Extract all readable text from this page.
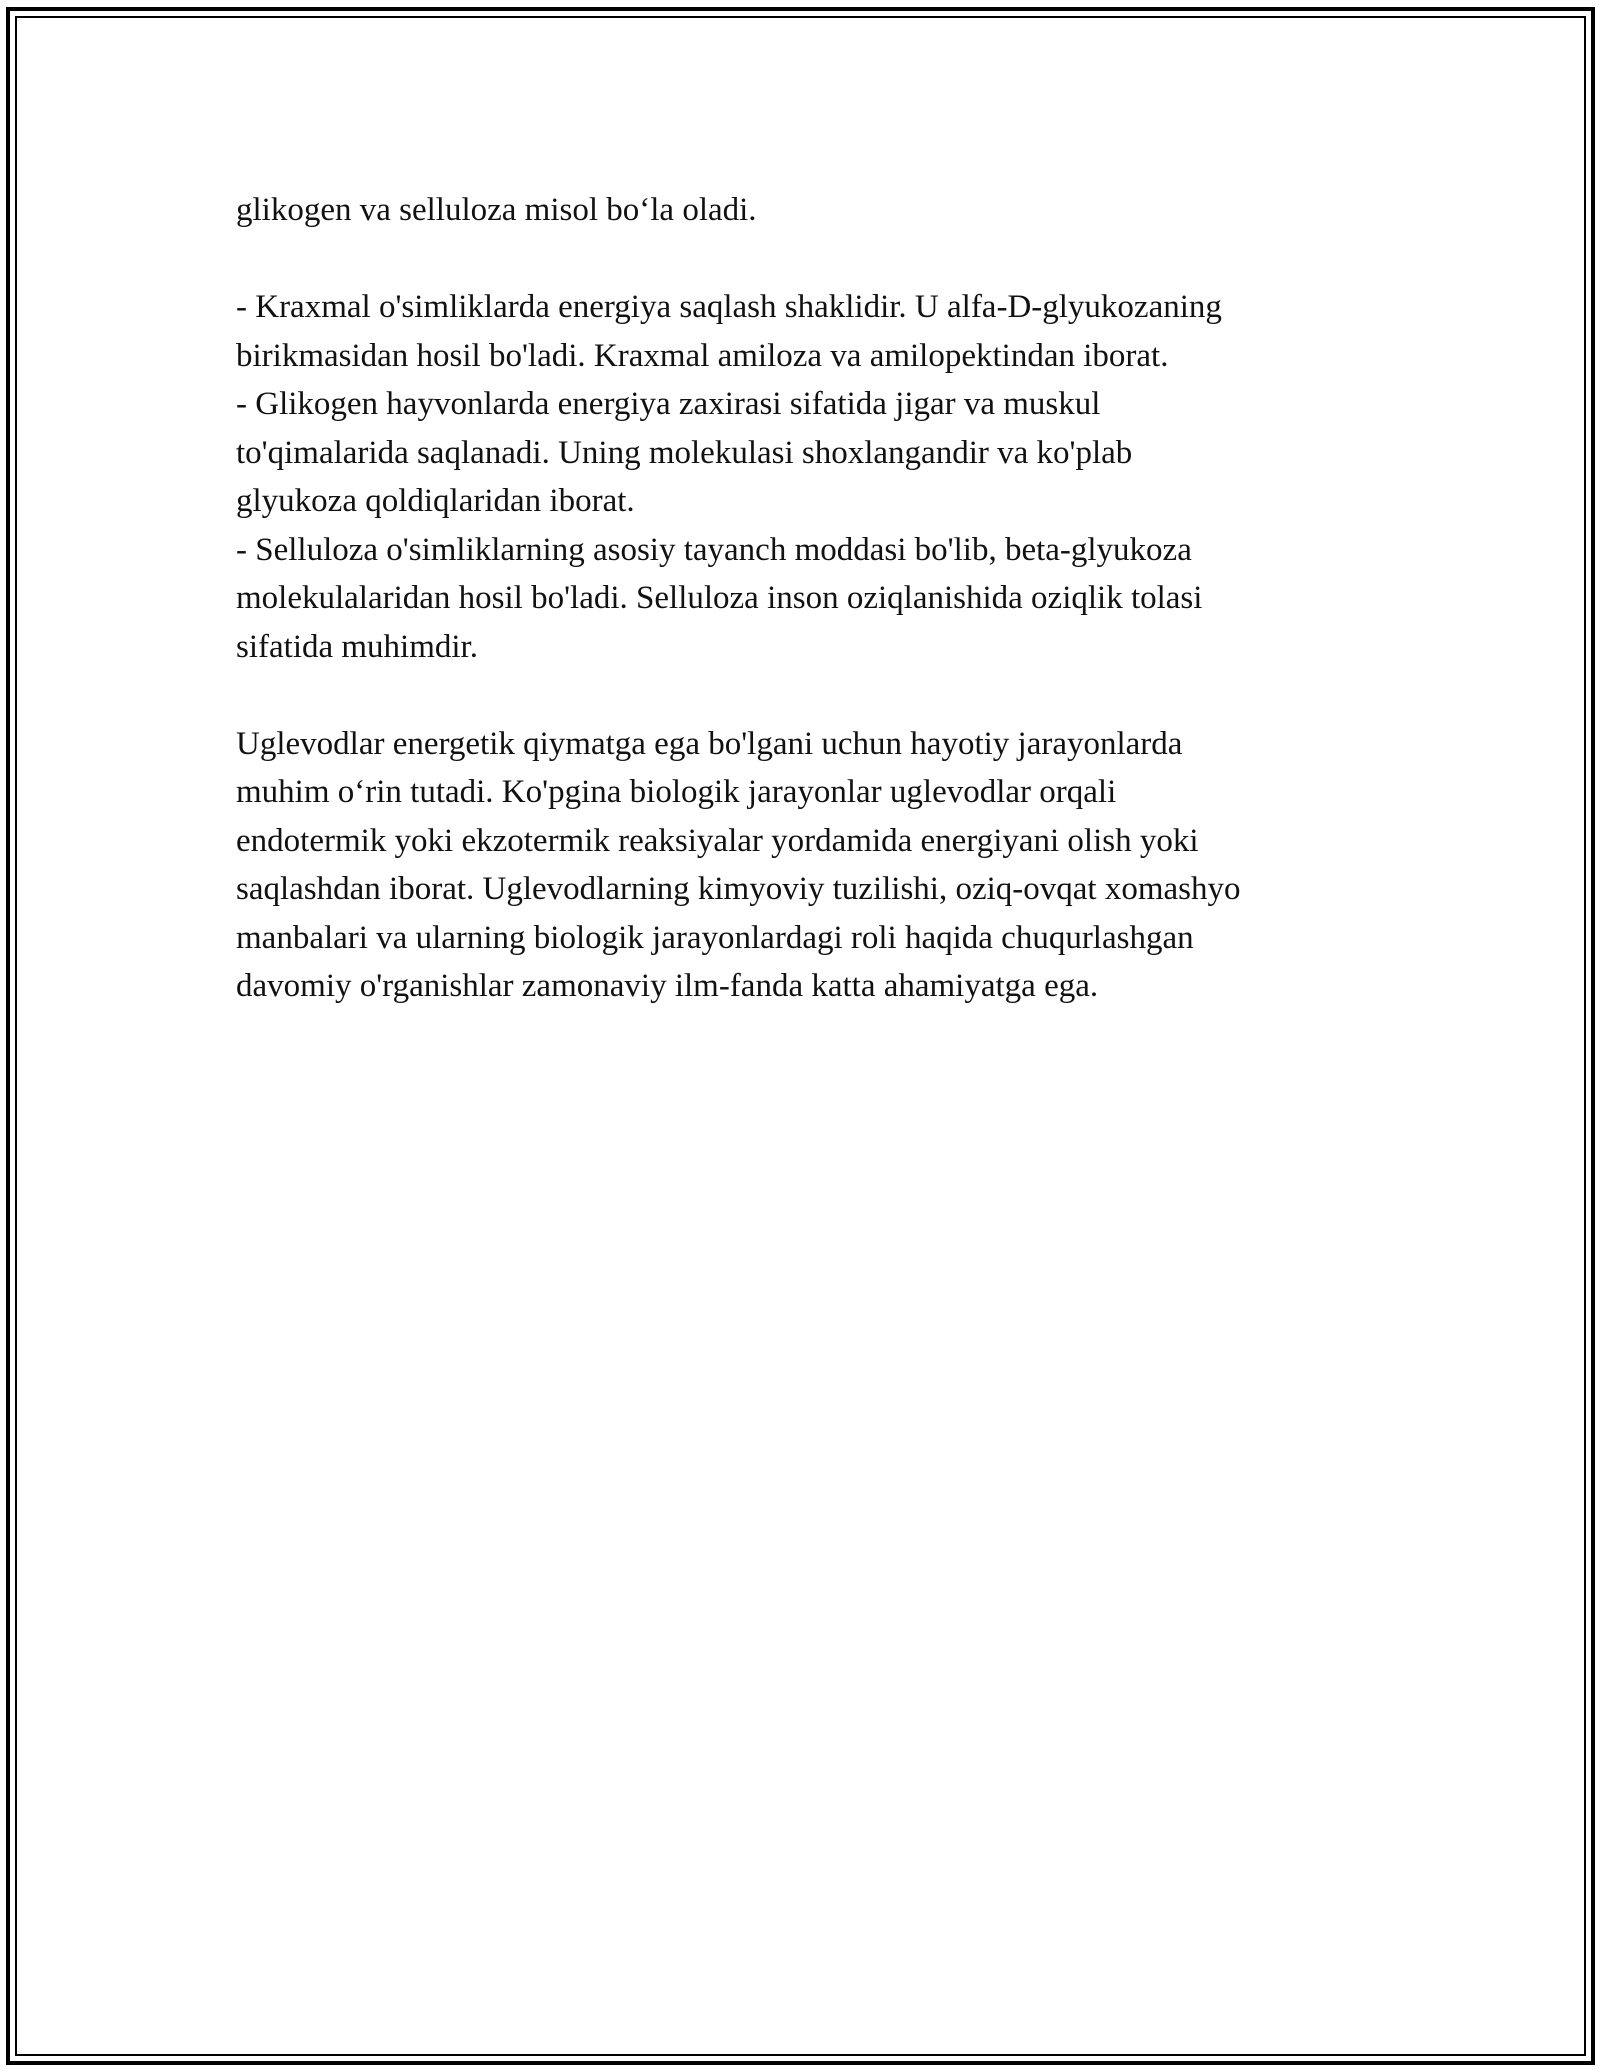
glikogen va selluloza misol bo‘la oladi.

- Kraxmal o'simliklarda energiya saqlash shaklidir. U alfa-D-glyukozaning
birikmasidan hosil bo'ladi. Kraxmal amiloza va amilopektindan iborat.

- Glikogen hayvonlarda energiya zaxirasi sifatida jigar va muskul
to'qimalarida saqlanadi. Uning molekulasi shoxlangandir va ko'plab
glyukoza qoldiqlaridan iborat.

- Selluloza o'simliklarning asosiy tayanch moddasi bo'lib, beta-glyukoza
molekulalaridan hosil bo'ladi. Selluloza inson oziqlanishida oziqlik tolasi
sifatida muhimdir.

Uglevodlar energetik qiymatga ega bo'lgani uchun hayotiy jarayonlarda
muhim o‘rin tutadi. Ko'pgina biologik jarayonlar uglevodlar orqali
endotermik yoki ekzotermik reaksiyalar yordamida energiyani olish yoki
saqlashdan iborat. Uglevodlarning kimyoviy tuzilishi, oziq-ovqat xomashyo
manbalari va ularning biologik jarayonlardagi roli haqida chuqurlashgan
davomiy o'rganishlar zamonaviy ilm-fanda katta ahamiyatga ega.
